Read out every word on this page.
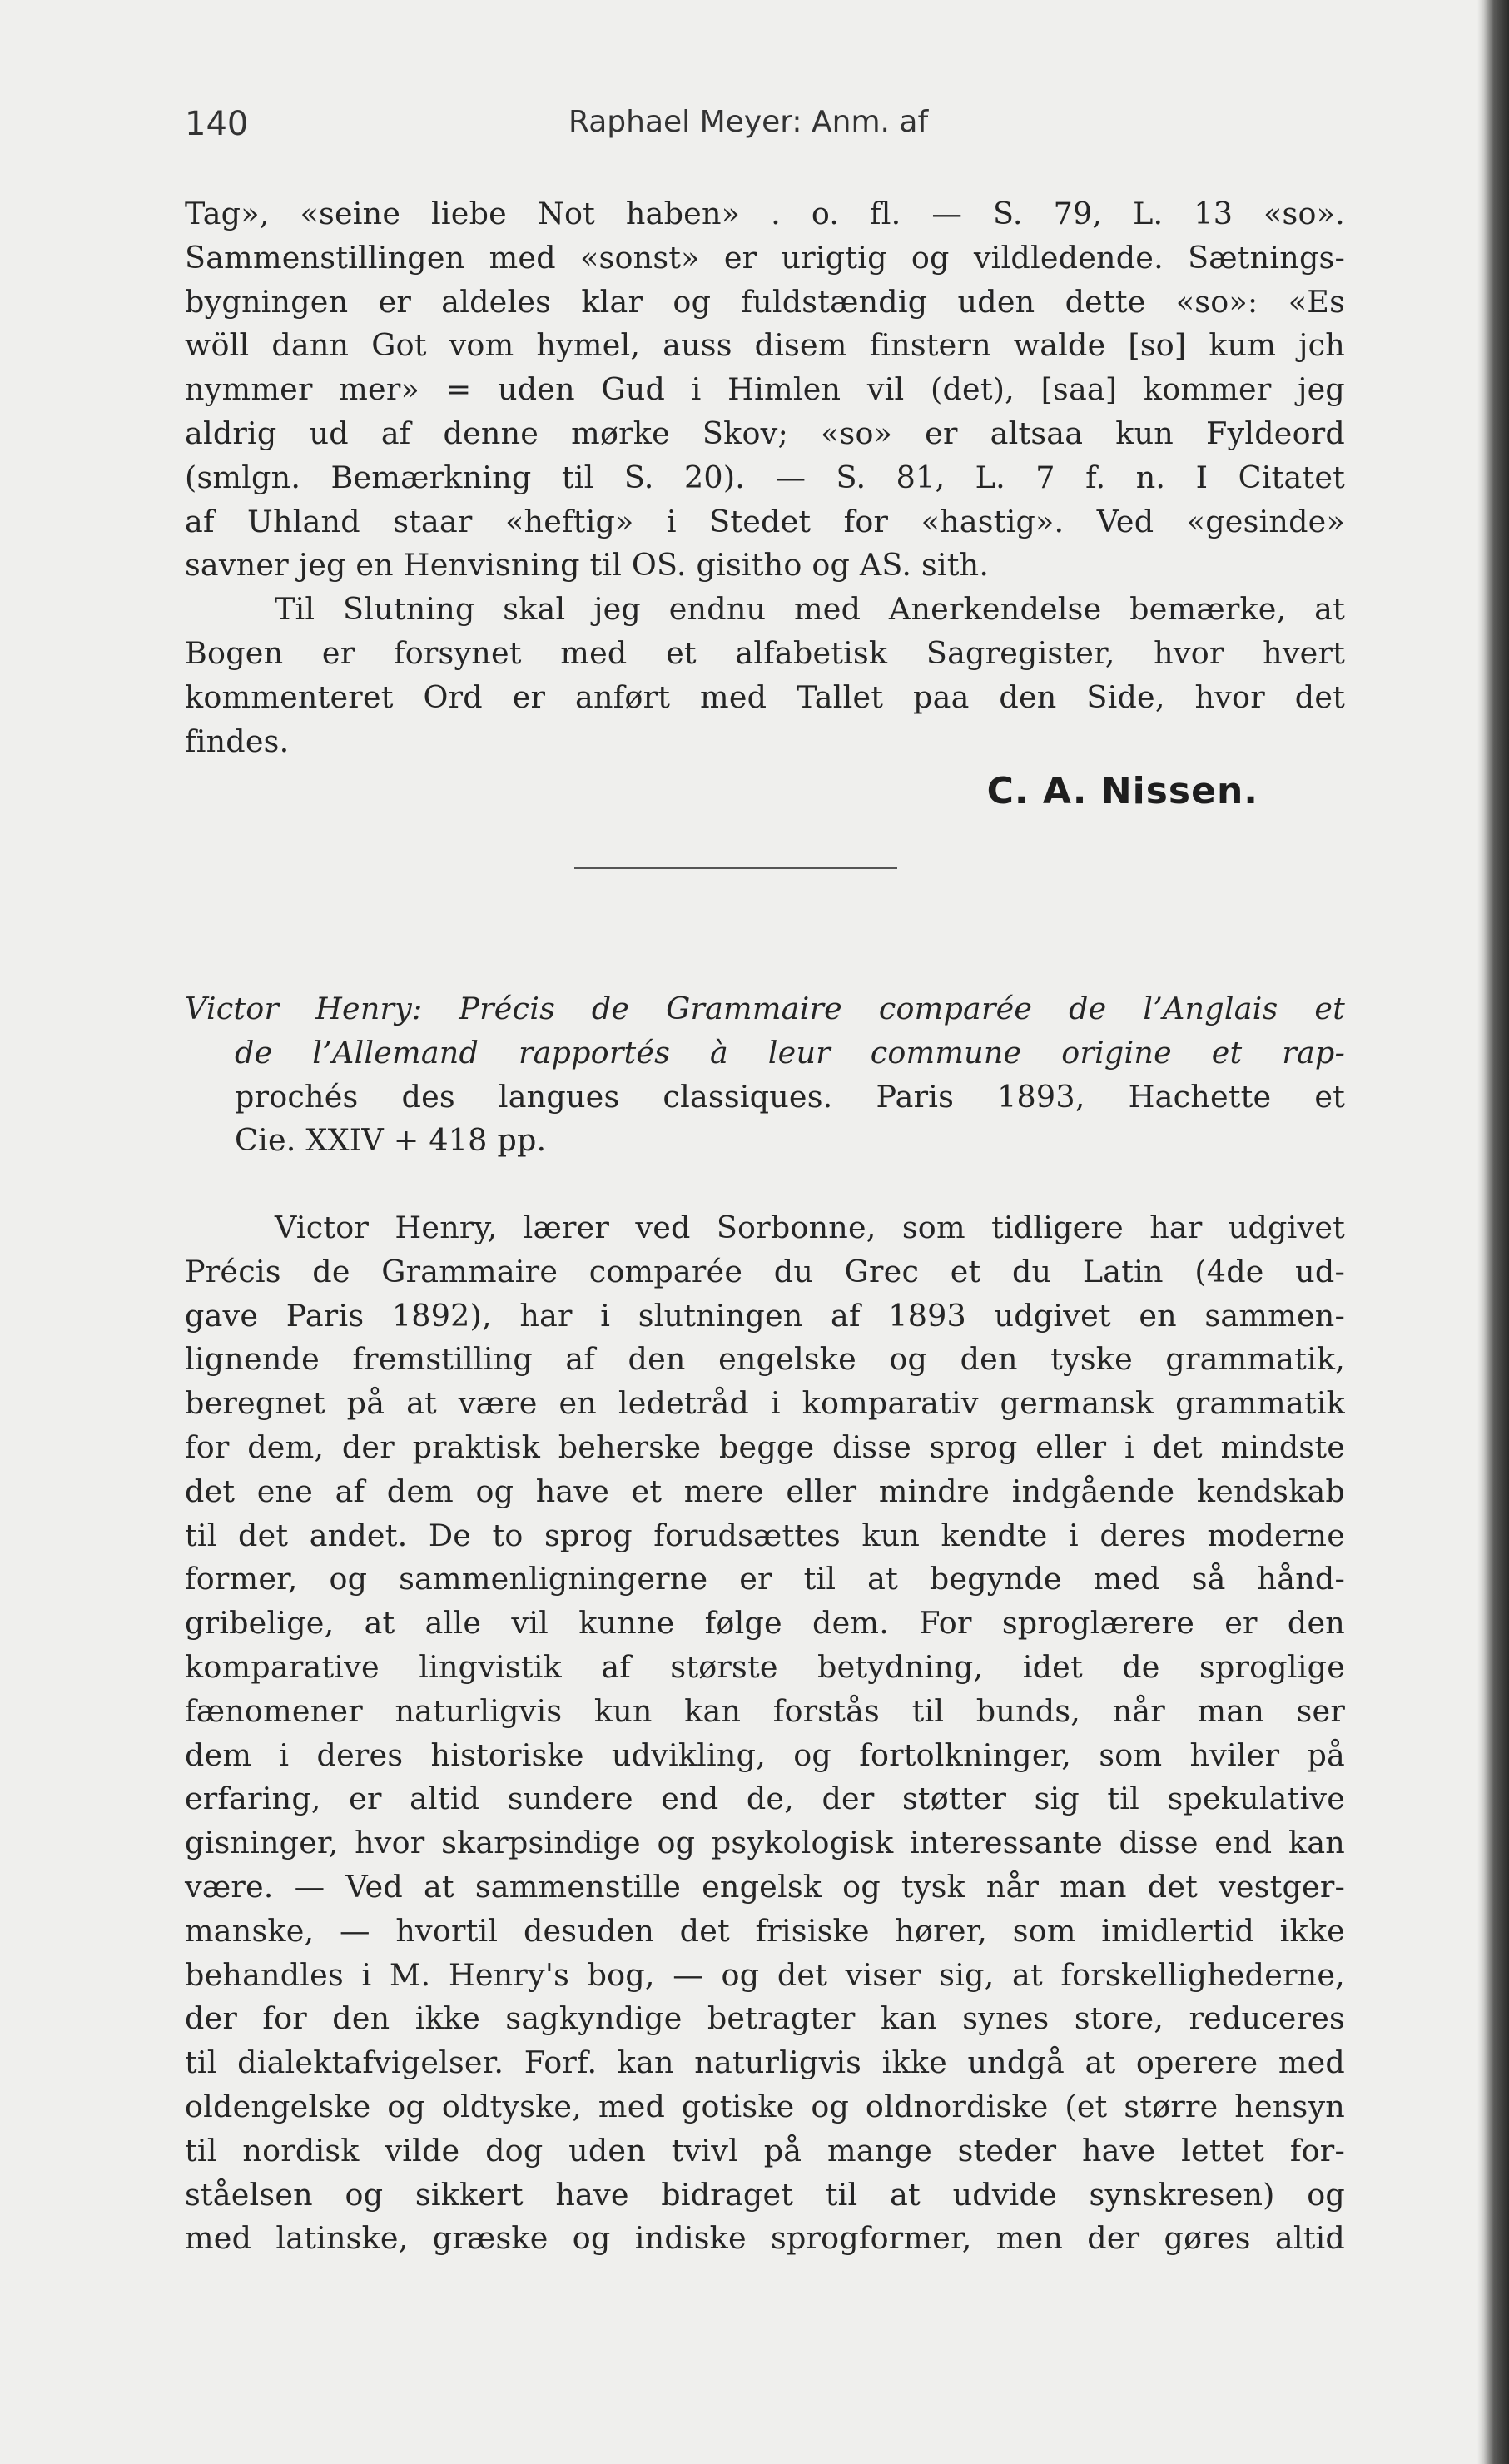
140	Raphael Meyer: Anm. af
Tag», «seine liebe Not haben» . o. fl. — S. 79, L. 13 «so».
Sammenstillingen med «sonst» er urigtig og vildledende. Sætnings-
bygningen er aldeles klar og fuldstændig uden dette «so»: «Es
wöll dann Got vom hymel, auss disem finstern walde [so] kum jch
nymmer mer» = uden Gud i Himlen vil (det), [saa] kommer jeg
aldrig ud af denne mørke Skov; «so» er altsaa kun Fyldeord
(smlgn. Bemærkning til S. 20). — S. 81, L. 7 f. n. I Citatet
af Uhland staar «heftig» i Stedet for «hastig». Ved «gesinde»
savner jeg en Henvisning til OS. gisitho og AS. sith.
Til Slutning skal jeg endnu med Anerkendelse bemærke, at
Bogen er forsynet med et alfabetisk Sagregister, hvor hvert
kommenteret Ord er anført med Tallet paa den Side, hvor det
findes.
C. A. Nissen.
Victor Henry: Précis de Grammaire comparée de l’Anglais et
de l’Allemand rapportés à leur commune origine et rap-
prochés des langues classiques. Paris 1893, Hachette et
Cie. XXIV + 418 pp.
Victor Henry, lærer ved Sorbonne, som tidligere har udgivet
Précis de Grammaire comparée du Grec et du Latin (4de ud-
gave Paris 1892), har i slutningen af 1893 udgivet en sammen-
lignende fremstilling af den engelske og den tyske grammatik,
beregnet på at være en ledetråd i komparativ germansk grammatik
for dem, der praktisk beherske begge disse sprog eller i det mindste
det ene af dem og have et mere eller mindre indgående kendskab
til det andet. De to sprog forudsættes kun kendte i deres moderne
former, og sammenligningerne er til at begynde med så hånd-
gribelige, at alle vil kunne følge dem. For sproglærere er den
komparative lingvistik af største betydning, idet de sproglige
fænomener naturligvis kun kan forstås til bunds, når man ser
dem i deres historiske udvikling, og fortolkninger, som hviler på
erfaring, er altid sundere end de, der støtter sig til spekulative
gisninger, hvor skarpsindige og psykologisk interessante disse end kan
være. — Ved at sammenstille engelsk og tysk når man det vestger-
manske, — hvortil desuden det frisiske hører, som imidlertid ikke
behandles i M. Henry's bog, — og det viser sig, at forskellighederne,
der for den ikke sagkyndige betragter kan synes store, reduceres
til dialektafvigelser. Forf. kan naturligvis ikke undgå at operere med
oldengelske og oldtyske, med gotiske og oldnordiske (et større hensyn
til nordisk vilde dog uden tvivl på mange steder have lettet for-
ståelsen og sikkert have bidraget til at udvide synskresen) og
med latinske, græske og indiske sprogformer, men der gøres altid
